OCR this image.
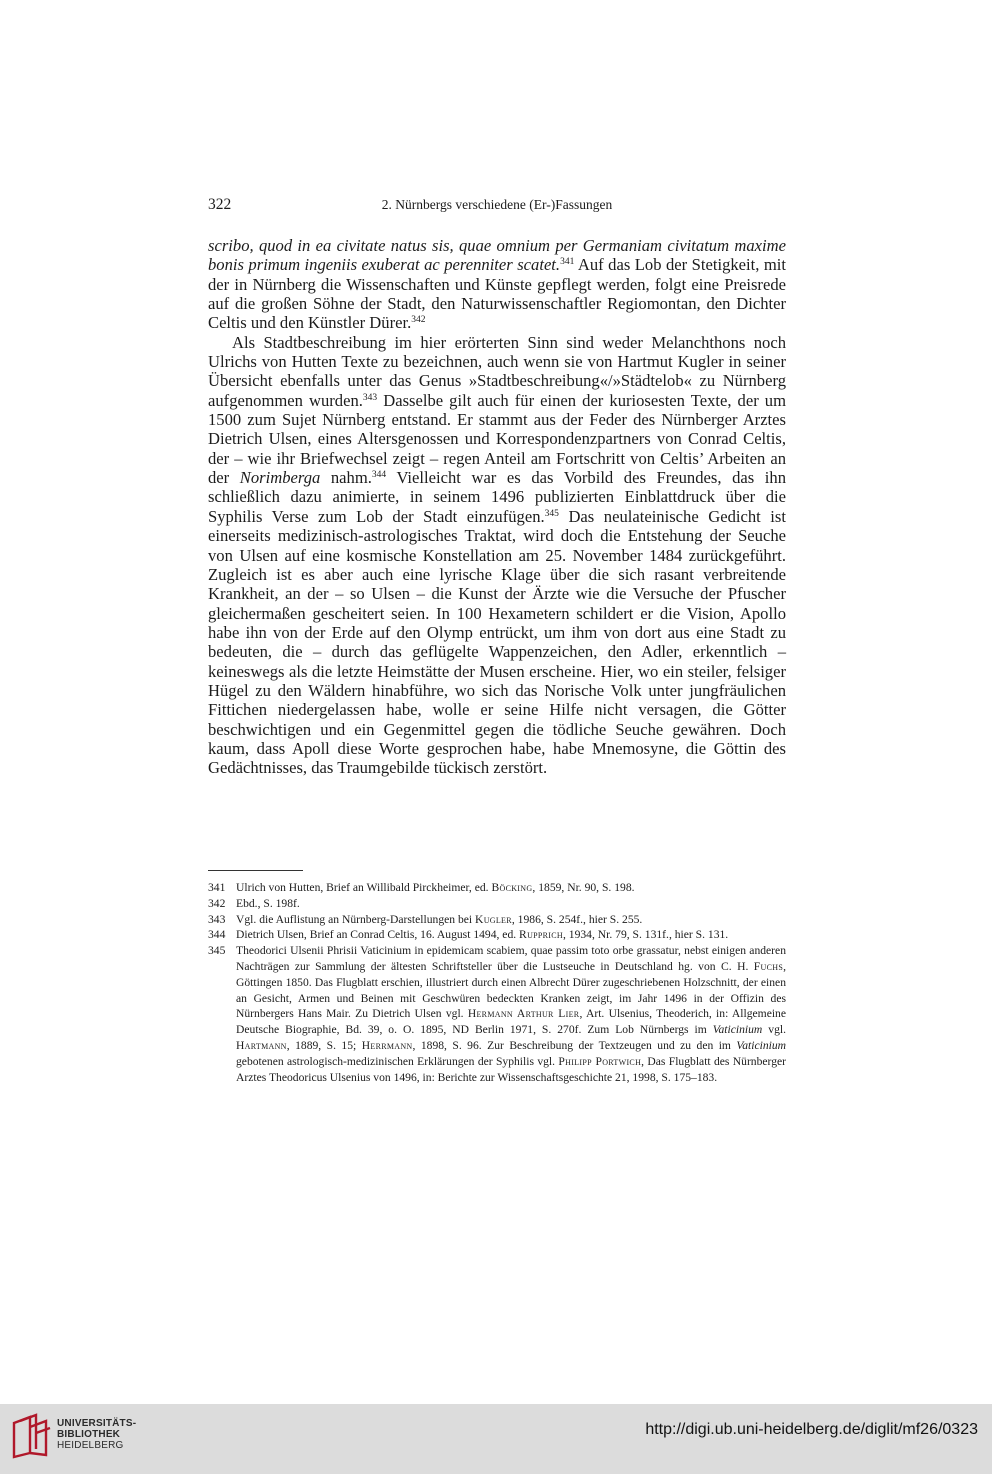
322	2. Nürnbergs verschiedene (Er-)Fassungen

scribo, quod in ea civitate natus sis, quae omnium per Germaniam civitatum maxime bonis primum ingeniis exuberat ac perenniter scatet.$^{341}$ Auf das Lob der Stetigkeit, mit der in Nürnberg die Wissenschaften und Künste gepflegt werden, folgt eine Preisrede auf die großen Söhne der Stadt, den Naturwissenschaftler Regiomontan, den Dichter Celtis und den Künstler Dürer.$^{342}$

Als Stadtbeschreibung im hier erörterten Sinn sind weder Melanchthons noch Ulrichs von Hutten Texte zu bezeichnen, auch wenn sie von Hartmut Kugler in seiner Übersicht ebenfalls unter das Genus »Stadtbeschreibung«/»Städtelob« zu Nürnberg aufgenommen wurden.$^{343}$ Dasselbe gilt auch für einen der kuriosesten Texte, der um 1500 zum Sujet Nürnberg entstand. Er stammt aus der Feder des Nürnberger Arztes Dietrich Ulsen, eines Altersgenossen und Korrespondenzpartners von Conrad Celtis, der – wie ihr Briefwechsel zeigt – regen Anteil am Fortschritt von Celtis’ Arbeiten an der Norimberga nahm.$^{344}$ Vielleicht war es das Vorbild des Freundes, das ihn schließlich dazu animierte, in seinem 1496 publizierten Einblattdruck über die Syphilis Verse zum Lob der Stadt einzufügen.$^{345}$ Das neulateinische Gedicht ist einerseits medizinisch-astrologisches Traktat, wird doch die Entstehung der Seuche von Ulsen auf eine kosmische Konstellation am 25. November 1484 zurückgeführt. Zugleich ist es aber auch eine lyrische Klage über die sich rasant verbreitende Krankheit, an der – so Ulsen – die Kunst der Ärzte wie die Versuche der Pfuscher gleichermaßen gescheitert seien. In 100 Hexametern schildert er die Vision, Apollo habe ihn von der Erde auf den Olymp entrückt, um ihm von dort aus eine Stadt zu bedeuten, die – durch das geflügelte Wappenzeichen, den Adler, erkenntlich – keineswegs als die letzte Heimstätte der Musen erscheine. Hier, wo ein steiler, felsiger Hügel zu den Wäldern hinabführe, wo sich das Norische Volk unter jungfräulichen Fittichen niedergelassen habe, wolle er seine Hilfe nicht versagen, die Götter beschwichtigen und ein Gegenmittel gegen die tödliche Seuche gewähren. Doch kaum, dass Apoll diese Worte gesprochen habe, habe Mnemosyne, die Göttin des Gedächtnisses, das Traumgebilde tückisch zerstört.

341 Ulrich von Hutten, Brief an Willibald Pirckheimer, ed. Böcking, 1859, Nr. 90, S. 198.
342 Ebd., S. 198f.
343 Vgl. die Auflistung an Nürnberg-Darstellungen bei Kugler, 1986, S. 254f., hier S. 255.
344 Dietrich Ulsen, Brief an Conrad Celtis, 16. August 1494, ed. Rupprich, 1934, Nr. 79, S. 131f., hier S. 131.
345 Theodorici Ulsenii Phrisii Vaticinium in epidemicam scabiem, quae passim toto orbe grassatur, nebst einigen anderen Nachträgen zur Sammlung der ältesten Schriftsteller über die Lustseuche in Deutschland hg. von C. H. Fuchs, Göttingen 1850. Das Flugblatt erschien, illustriert durch einen Albrecht Dürer zugeschriebenen Holzschnitt, der einen an Gesicht, Armen und Beinen mit Geschwüren bedeckten Kranken zeigt, im Jahr 1496 in der Offizin des Nürnbergers Hans Mair. Zu Dietrich Ulsen vgl. Hermann Arthur Lier, Art. Ulsenius, Theoderich, in: Allgemeine Deutsche Biographie, Bd. 39, o. O. 1895, ND Berlin 1971, S. 270f. Zum Lob Nürnbergs im Vaticinium vgl. Hartmann, 1889, S. 15; Herrmann, 1898, S. 96. Zur Beschreibung der Textzeugen und zu den im Vaticinium gebotenen astrologisch-medizinischen Erklärungen der Syphilis vgl. Philipp Portwich, Das Flugblatt des Nürnberger Arztes Theodoricus Ulsenius von 1496, in: Berichte zur Wissenschaftsgeschichte 21, 1998, S. 175–183.
UNIVERSITÄTS-
BIBLIOTHEK
HEIDELBERG
http://digi.ub.uni-heidelberg.de/diglit/mf26/0323
